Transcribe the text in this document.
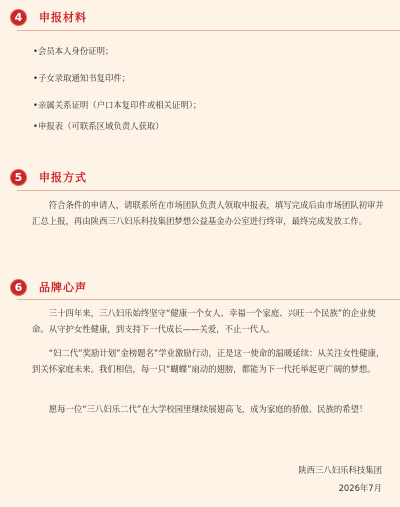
4	申报材料
•会员本人身份证明；
•子女录取通知书复印件；
•亲属关系证明（户口本复印件或相关证明）；
•申报表（可联系区域负责人获取）
5	申报方式

符合条件的申请人，请联系所在市场团队负责人领取申报表，填写完成后由市场团队初审并汇总上报，再由陕西三八妇乐科技集团梦想公益基金办公室进行终审，最终完成发放工作。

6	品牌心声

三十四年来，三八妇乐始终坚守“健康一个女人、幸福一个家庭、兴旺一个民族”的企业使命。从守护女性健康，到支持下一代成长——关爱，不止一代人。

“妇二代”奖励计划”金榜题名”学业激励行动，正是这一使命的温暖延续：从关注女性健康，到关怀家庭未来。我们相信，每一只“蝴蝶”扇动的翅膀，都能为下一代托举起更广阔的梦想。

愿每一位“三八妇乐二代”在大学校园里继续展翅高飞，成为家庭的骄傲、民族的希望！

陕西三八妇乐科技集团
2026年7月
